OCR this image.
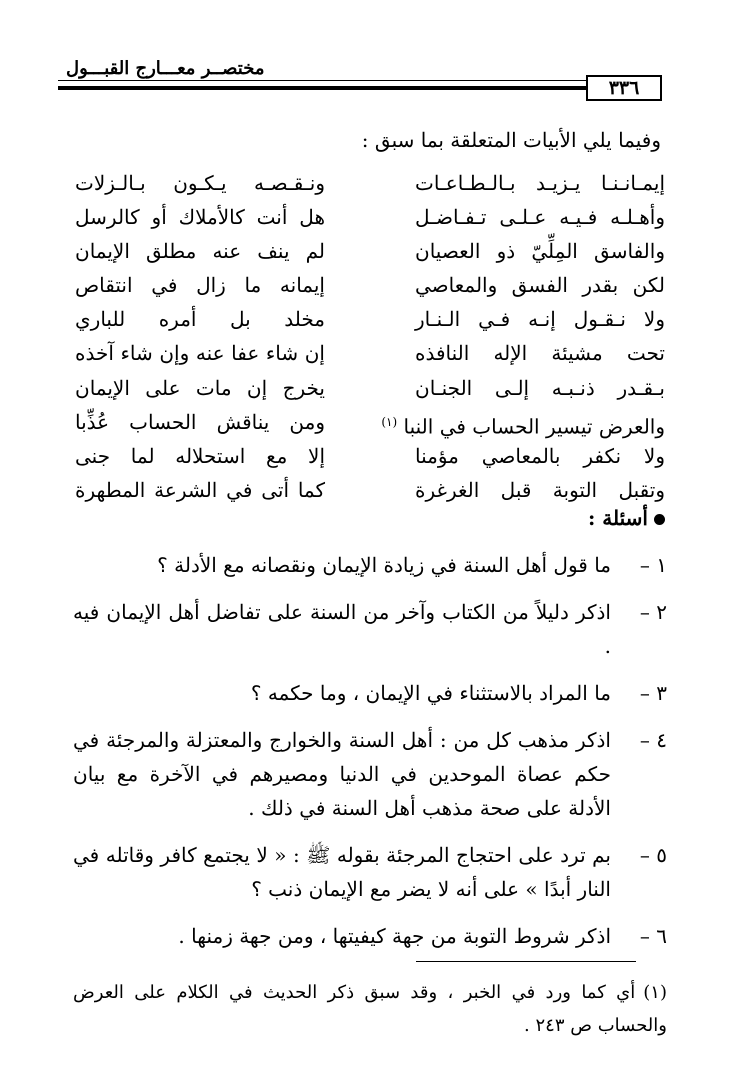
٣٣٦
مختصــر معـــارج القبـــول
وفيما يلي الأبيات المتعلقة بما سبق :
إيمـانـنـا يـزيـد بـالـطـاعـات
ونـقـصـه يـكـون بـالـزلات
وأهـلـه فـيـه عـلـى تـفـاضـل
هل أنت كالأملاك أو كالرسل
والفاسق المِلِّيّ ذو العصيان
لم ينف عنه مطلق الإيمان
لكن بقدر الفسق والمعاصي
إيمانه ما زال في انتقاص
ولا نـقـول إنـه فـي الـنـار
مخلد بل أمره للباري
تحت مشيئة الإله النافذه
إن شاء عفا عنه وإن شاء آخذه
بـقـدر ذنـبـه إلـى الجنـان
يخرج إن مات على الإيمان
والعرض تيسير الحساب في النبا $^{(١)}$
ومن يناقش الحساب عُذِّبا
ولا نكفر بالمعاصي مؤمنا
إلا مع استحلاله لما جنى
وتقبل التوبة قبل الغرغرة
كما أتى في الشرعة المطهرة
أسئلة :
١ –
ما قول أهل السنة في زيادة الإيمان ونقصانه مع الأدلة ؟
٢ –
اذكر دليلاً من الكتاب وآخر من السنة على تفاضل أهل الإيمان فيه .
٣ –
ما المراد بالاستثناء في الإيمان ، وما حكمه ؟
٤ –
اذكر مذهب كل من : أهل السنة والخوارج والمعتزلة والمرجئة في حكم عصاة الموحدين في الدنيا ومصيرهم في الآخرة مع بيان الأدلة على صحة مذهب أهل السنة في ذلك .
٥ –
بم ترد على احتجاج المرجئة بقوله ﷺ : « لا يجتمع كافر وقاتله في النار أبدًا » على أنه لا يضر مع الإيمان ذنب ؟
٦ –
اذكر شروط التوبة من جهة كيفيتها ، ومن جهة زمنها .
(١)أي كما ورد في الخبر ، وقد سبق ذكر الحديث في الكلام على العرض والحساب ص ٢٤٣ .
